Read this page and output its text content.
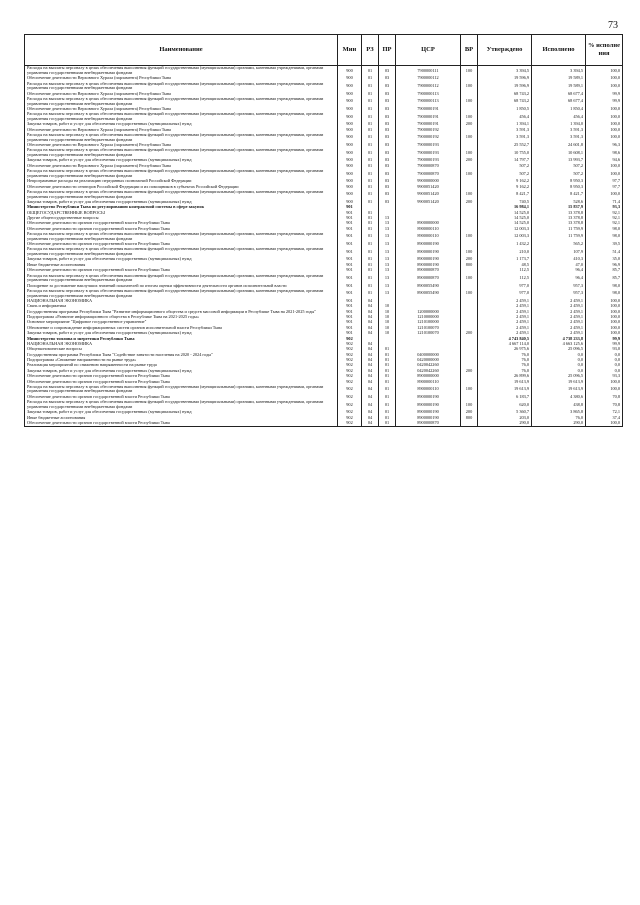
73
Наименование	Мин	РЗ	ПР	ЦСР	ВР	Утверждено	Исполнено	% исполне ния
Расходы на выплаты персоналу в целях обеспечения выполнения функций государственными (муниципальными) органами, казенными учреждениями, органами управления государственными внебюджетными фондами	900	01	03	7900000111	100	3 394,5	3 394,5	100,0
Обеспечение деятельности Верховного Хурала (парламента) Республики Тыва	900	01	03	7900000112		19 596,9	19 589,1	100,0
Расходы на выплаты персоналу в целях обеспечения выполнения функций государственными (муниципальными) органами, казенными учреждениями, органами управления государственными внебюджетными фондами	900	01	03	7900000112	100	19 596,9	19 589,1	100,0
Обеспечение деятельности Верховного Хурала (парламента) Республики Тыва	900	01	03	7900000113		68 743,2	68 677,4	99,9
Расходы на выплаты персоналу в целях обеспечения выполнения функций государственными (муниципальными) органами, казенными учреждениями, органами управления государственными внебюджетными фондами	900	01	03	7900000113	100	68 743,2	68 677,4	99,9
Обеспечение деятельности Верховного Хурала (парламента) Республики Тыва	900	01	03	7900000191		1 850,5	1 850,4	100,0
Расходы на выплаты персоналу в целях обеспечения выполнения функций государственными (муниципальными) органами, казенными учреждениями, органами управления государственными внебюджетными фондами	900	01	03	7900000191	100	456,4	456,4	100,0
Закупка товаров, работ и услуг для обеспечения государственных (муниципальных) нужд	900	01	03	7900000191	200	1 394,1	1 394,0	100,0
Обеспечение деятельности Верховного Хурала (парламента) Республики Тыва	900	01	03	7900000192		3 591,3	3 591,3	100,0
Расходы на выплаты персоналу в целях обеспечения выполнения функций государственными (муниципальными) органами, казенными учреждениями, органами управления государственными внебюджетными фондами	900	01	03	7900000192	100	3 591,3	3 591,3	100,0
Обеспечение деятельности Верховного Хурала (парламента) Республики Тыва	900	01	03	7900000193		25 552,7	24 601,8	96,3
Расходы на выплаты персоналу в целях обеспечения выполнения функций государственными (муниципальными) органами, казенными учреждениями, органами управления государственными внебюджетными фондами	900	01	03	7900000193	100	10 755,0	10 608,1	98,6
Закупка товаров, работ и услуг для обеспечения государственных (муниципальных) нужд	900	01	03	7900000193	200	14 797,7	13 993,7	94,6
Обеспечение деятельности Верховного Хурала (парламента) Республики Тыва	900	01	03	7900000870		507,2	507,2	100,0
Расходы на выплаты персоналу в целях обеспечения выполнения функций государственными (муниципальными) органами, казенными учреждениями, органами управления государственными внебюджетными фондами	900	01	03	7900000870	100	507,2	507,2	100,0
Непрограммные расходы на реализацию переданных полномочий Российской Федерации	900	01	03	9900000000		9 162,2	8 950,3	97,7
Обеспечение деятельности сенаторов Российской Федерации и их помощников в субъектах Российской Федерации	900	01	03	9900051420		9 162,2	8 950,3	97,7
Расходы на выплаты персоналу в целях обеспечения выполнения функций государственными (муниципальными) органами, казенными учреждениями, органами управления государственными внебюджетными фондами	900	01	03	9900051420	100	8 421,7	8 421,7	100,0
Закупка товаров, работ и услуг для обеспечения государственных (муниципальных) нужд	900	01	03	9900051420	200	740,5	528,6	71,4
Министерство Республики Тыва по регулированию контрактной системы в сфере закупок	901					16 984,1	15 837,9	93,3
ОБЩЕГОСУДАРСТВЕННЫЕ ВОПРОСЫ	901	01				14 525,0	13 378,8	92,1
Другие общегосударственные вопросы	901	01	13			14 525,0	13 378,8	92,1
Обеспечение деятельности органов государственной власти Республики Тыва	901	01	13	8900000000		14 525,0	13 378,8	92,1
Обеспечение деятельности органов государственной власти Республики Тыва	901	01	13	8900000110		12 003,3	11 759,9	98,0
Расходы на выплаты персоналу в целях обеспечения выполнения функций государственными (муниципальными) органами, казенными учреждениями, органами управления государственными внебюджетными фондами	901	01	13	8900000110	100	12 003,3	11 759,9	98,0
Обеспечение деятельности органов государственной власти Республики Тыва	901	01	13	8900000190		1 432,2	565,2	39,5
Расходы на выплаты персоналу в целях обеспечения выполнения функций государственными (муниципальными) органами, казенными учреждениями, органами управления государственными внебюджетными фондами	901	01	13	8900000190	100	210,0	107,9	51,4
Закупка товаров, работ и услуг для обеспечения государственных (муниципальных) нужд	901	01	13	8900000190	200	1 173,7	410,3	35,0
Иные бюджетные ассигнования	901	01	13	8900000190	800	48,5	47,0	96,9
Обеспечение деятельности органов государственной власти Республики Тыва	901	01	13	8900000870		112,5	96,4	85,7
Расходы на выплаты персоналу в целях обеспечения выполнения функций государственными (муниципальными) органами, казенными учреждениями, органами управления государственными внебюджетными фондами	901	01	13	8900000870	100	112,5	96,4	85,7
Поощрение за достижение наилучших значений показателей по итогам оценки эффективности деятельности органов исполнительной власти	901	01	13	8900055490		977,0	957,3	98,0
Расходы на выплаты персоналу в целях обеспечения выполнения функций государственными (муниципальными) органами, казенными учреждениями, органами управления государственными внебюджетными фондами	901	01	13	8900055490	100	977,0	957,3	98,0
НАЦИОНАЛЬНАЯ ЭКОНОМИКА	901	04				2 459,1	2 459,1	100,0
Связь и информатика	901	04	10			2 459,1	2 459,1	100,0
Государственная программа Республики Тыва "Развитие информационного общества и средств массовой информации в Республике Тыва на 2021-2025 годы"	901	04	10	1200000000		2 459,1	2 459,1	100,0
Подпрограмма «Развитие информационного общества в Республике Тыва на 2021-2025 годы»	901	04	10	1210000000		2 459,1	2 459,1	100,0
Основное мероприятие "Цифровое государственное управление"	901	04	10	1210100000		2 459,1	2 459,1	100,0
Обновление и сопровождение информационных систем органов исполнительной власти Республики Тыва	901	04	10	1210100070		2 459,1	2 459,1	100,0
Закупка товаров, работ и услуг для обеспечения государственных (муниципальных) нужд	901	04	10	1210100070	200	2 459,1	2 459,1	100,0
Министерство топлива и энергетики Республики Тыва	902					4 743 840,5	4 738 233,8	99,9
НАЦИОНАЛЬНАЯ ЭКОНОМИКА	902	04				4 667 114,0	4 663 125,6	99,9
Общеэкономические вопросы	902	04	01			26 975,6	25 096,5	93,0
Государственная программа Республики Тыва "Содействие занятости населения на 2020 - 2024 годы"	902	04	01	0400000000		76,0	0,0	0,0
Подпрограмма «Снижение напряженности на рынке труда»	902	04	01	0420000000		76,0	0,0	0,0
Реализация мероприятий по снижению напряженности на рынке труда	902	04	01	0420042260		76,0	0,0	0,0
Закупка товаров, работ и услуг для обеспечения государственных (муниципальных) нужд	902	04	01	0420042260	200	76,0	0,0	0,0
Обеспечение деятельности органов государственной власти Республики Тыва	902	04	01	8900000000		26 899,6	25 096,5	93,3
Обеспечение деятельности органов государственной власти Республики Тыва	902	04	01	8900000110		19 613,9	19 613,9	100,0
Расходы на выплаты персоналу в целях обеспечения выполнения функций государственными (муниципальными) органами, казенными учреждениями, органами управления государственными внебюджетными фондами	902	04	01	8900000110	100	19 613,9	19 613,9	100,0
Обеспечение деятельности органов государственной власти Республики Тыва	902	04	01	8900000190		6 183,7	4 380,6	70,8
Расходы на выплаты персоналу в целях обеспечения выполнения функций государственными (муниципальными) органами, казенными учреждениями, органами управления государственными внебюджетными фондами	902	04	01	8900000190	100	620,0	438,8	70,8
Закупка товаров, работ и услуг для обеспечения государственных (муниципальных) нужд	902	04	01	8900000190	200	5 360,7	3 865,8	72,1
Иные бюджетные ассигнования	902	04	01	8900000190	800	203,0	76,0	37,4
Обеспечение деятельности органов государственной власти Республики Тыва	902	04	01	8900000870		290,0	290,0	100,0
